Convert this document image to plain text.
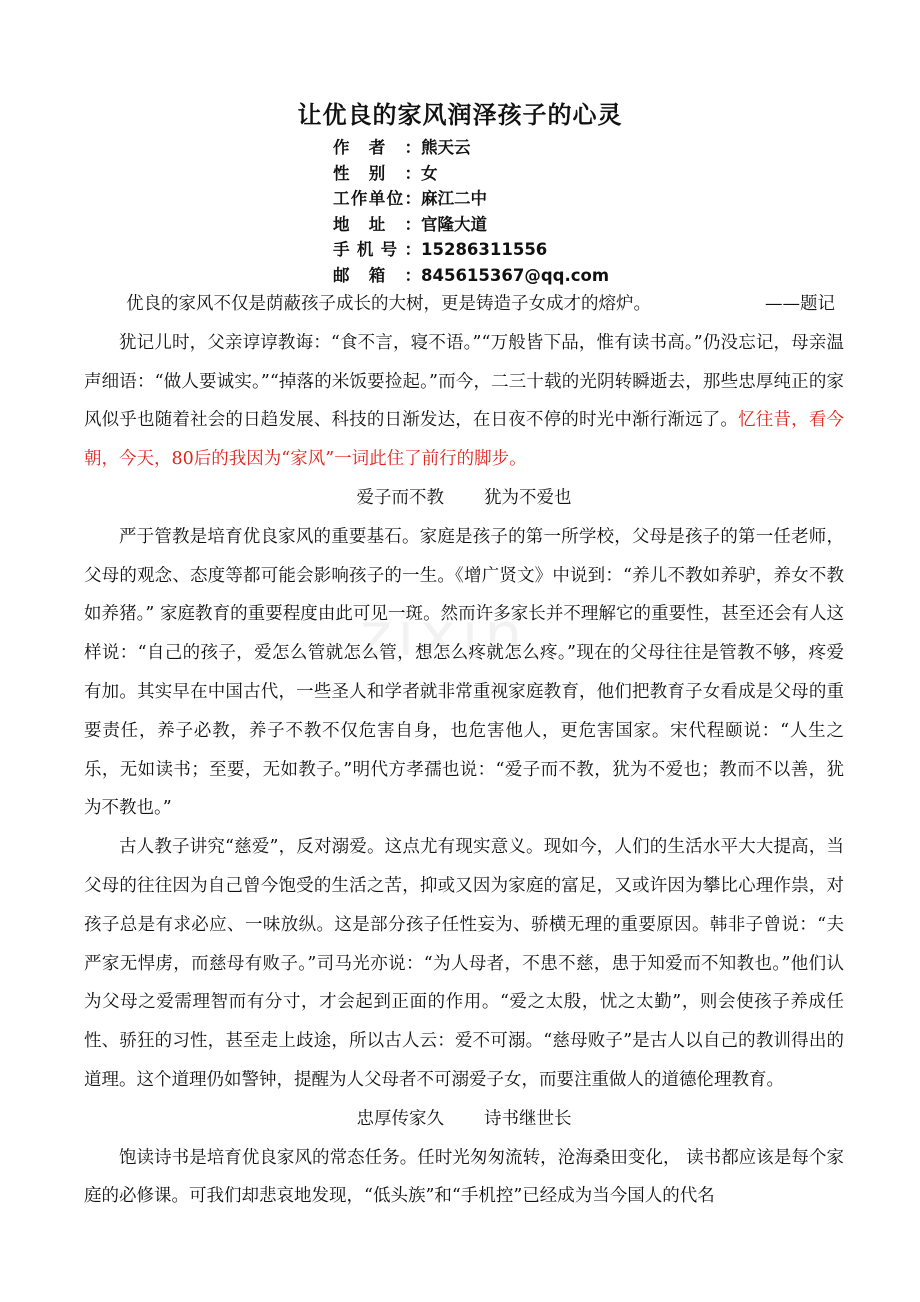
zixin
让优良的家风润泽孩子的心灵
作者：熊天云
性别：女
工作单位：麻江二中
地址：官隆大道
手机号：15286311556
邮箱：845615367@qq.com

优良的家风不仅是荫蔽孩子成长的大树，更是铸造子女成才的熔炉。	——题记

犹记儿时，父亲谆谆教诲：“食不言，寝不语。”“万般皆下品，惟有读书高。”仍没忘记，母亲温声细语：“做人要诚实。”“掉落的米饭要捡起。”而今，二三十载的光阴转瞬逝去，那些忠厚纯正的家风似乎也随着社会的日趋发展、科技的日渐发达，在日夜不停的时光中渐行渐远了。忆往昔，看今朝，今天，80后的我因为“家风”一词此住了前行的脚步。

爱子而不教 犹为不爱也

严于管教是培育优良家风的重要基石。家庭是孩子的第一所学校，父母是孩子的第一任老师，父母的观念、态度等都可能会影响孩子的一生。《增广贤文》中说到：“养儿不教如养驴，养女不教如养猪。” 家庭教育的重要程度由此可见一斑。然而许多家长并不理解它的重要性，甚至还会有人这样说：“自己的孩子，爱怎么管就怎么管，想怎么疼就怎么疼。”现在的父母往往是管教不够，疼爱有加。其实早在中国古代，一些圣人和学者就非常重视家庭教育，他们把教育子女看成是父母的重要责任，养子必教，养子不教不仅危害自身，也危害他人，更危害国家。宋代程颐说：“人生之乐，无如读书；至要，无如教子。”明代方孝孺也说：“爱子而不教，犹为不爱也；教而不以善，犹为不教也。”

古人教子讲究“慈爱”，反对溺爱。这点尤有现实意义。现如今，人们的生活水平大大提高，当父母的往往因为自己曾今饱受的生活之苦，抑或又因为家庭的富足，又或许因为攀比心理作祟，对孩子总是有求必应、一味放纵。这是部分孩子任性妄为、骄横无理的重要原因。韩非子曾说：“夫严家无悍虏，而慈母有败子。”司马光亦说：“为人母者，不患不慈，患于知爱而不知教也。”他们认为父母之爱需理智而有分寸，才会起到正面的作用。“爱之太殷，忧之太勤”，则会使孩子养成任性、骄狂的习性，甚至走上歧途，所以古人云：爱不可溺。“慈母败子”是古人以自己的教训得出的道理。这个道理仍如警钟，提醒为人父母者不可溺爱子女，而要注重做人的道德伦理教育。

忠厚传家久 诗书继世长

饱读诗书是培育优良家风的常态任务。任时光匆匆流转，沧海桑田变化， 读书都应该是每个家庭的必修课。可我们却悲哀地发现，“低头族”和“手机控”已经成为当今国人的代名
